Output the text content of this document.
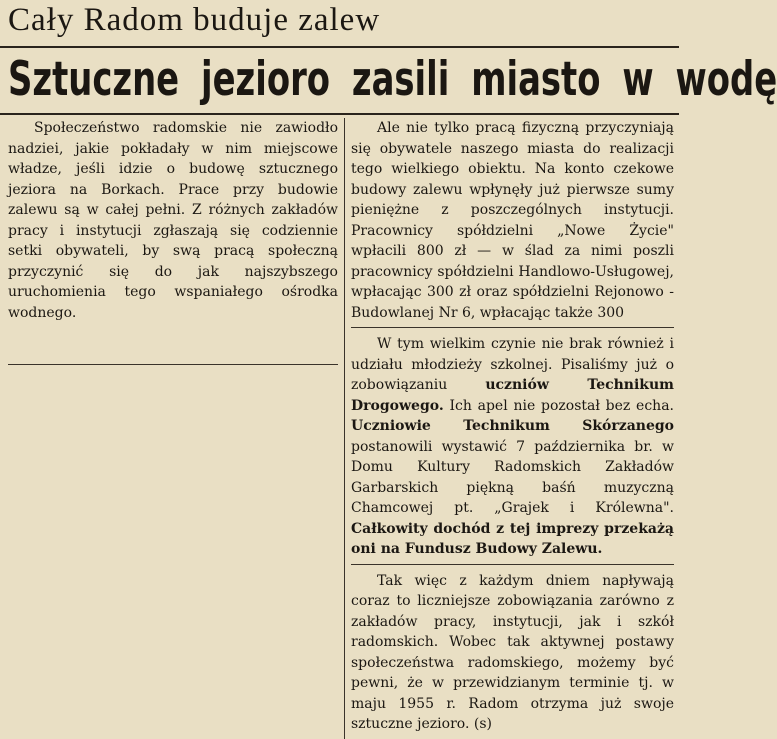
Cały Radom buduje zalew
Sztuczne jezioro zasili miasto w wodę

Społeczeństwo radomskie nie zawiodło nadziei, jakie pokładały w nim miejscowe władze, jeśli idzie o budowę sztucznego jeziora na Borkach. Prace przy budowie zalewu są w całej pełni. Z różnych zakładów pracy i instytucji zgłaszają się codziennie setki obywateli, by swą pracą społeczną przyczynić się do jak najszybszego uruchomienia tego wspaniałego ośrodka wodnego.

Ale nie tylko pracą fizyczną przyczyniają się obywatele naszego miasta do realizacji tego wielkiego obiektu. Na konto czekowe budowy zalewu wpłynęły już pierwsze sumy pieniężne z poszczególnych instytucji. Pracownicy spółdzielni „Nowe Życie" wpłacili 800 zł — w ślad za nimi poszli pracownicy spółdzielni Handlowo-Usługowej, wpłacając 300 zł oraz spółdzielni Rejonowo - Budowlanej Nr 6, wpłacając także 300

W tym wielkim czynie nie brak również i udziału młodzieży szkolnej. Pisaliśmy już o zobowiązaniu uczniów Technikum Drogowego. Ich apel nie pozostał bez echa. Uczniowie Technikum Skórzanego postanowili wystawić 7 października br. w Domu Kultury Radomskich Zakładów Garbarskich piękną baśń muzyczną Chamcowej pt. „Grajek i Królewna". Całkowity dochód z tej imprezy przekażą oni na Fundusz Budowy Zalewu.

Tak więc z każdym dniem napływają coraz to liczniejsze zobowiązania zarówno z zakładów pracy, instytucji, jak i szkół radomskich. Wobec tak aktywnej postawy społeczeństwa radomskiego, możemy być pewni, że w przewidzianym terminie tj. w maju 1955 r. Radom otrzyma już swoje sztuczne jezioro. (s)
